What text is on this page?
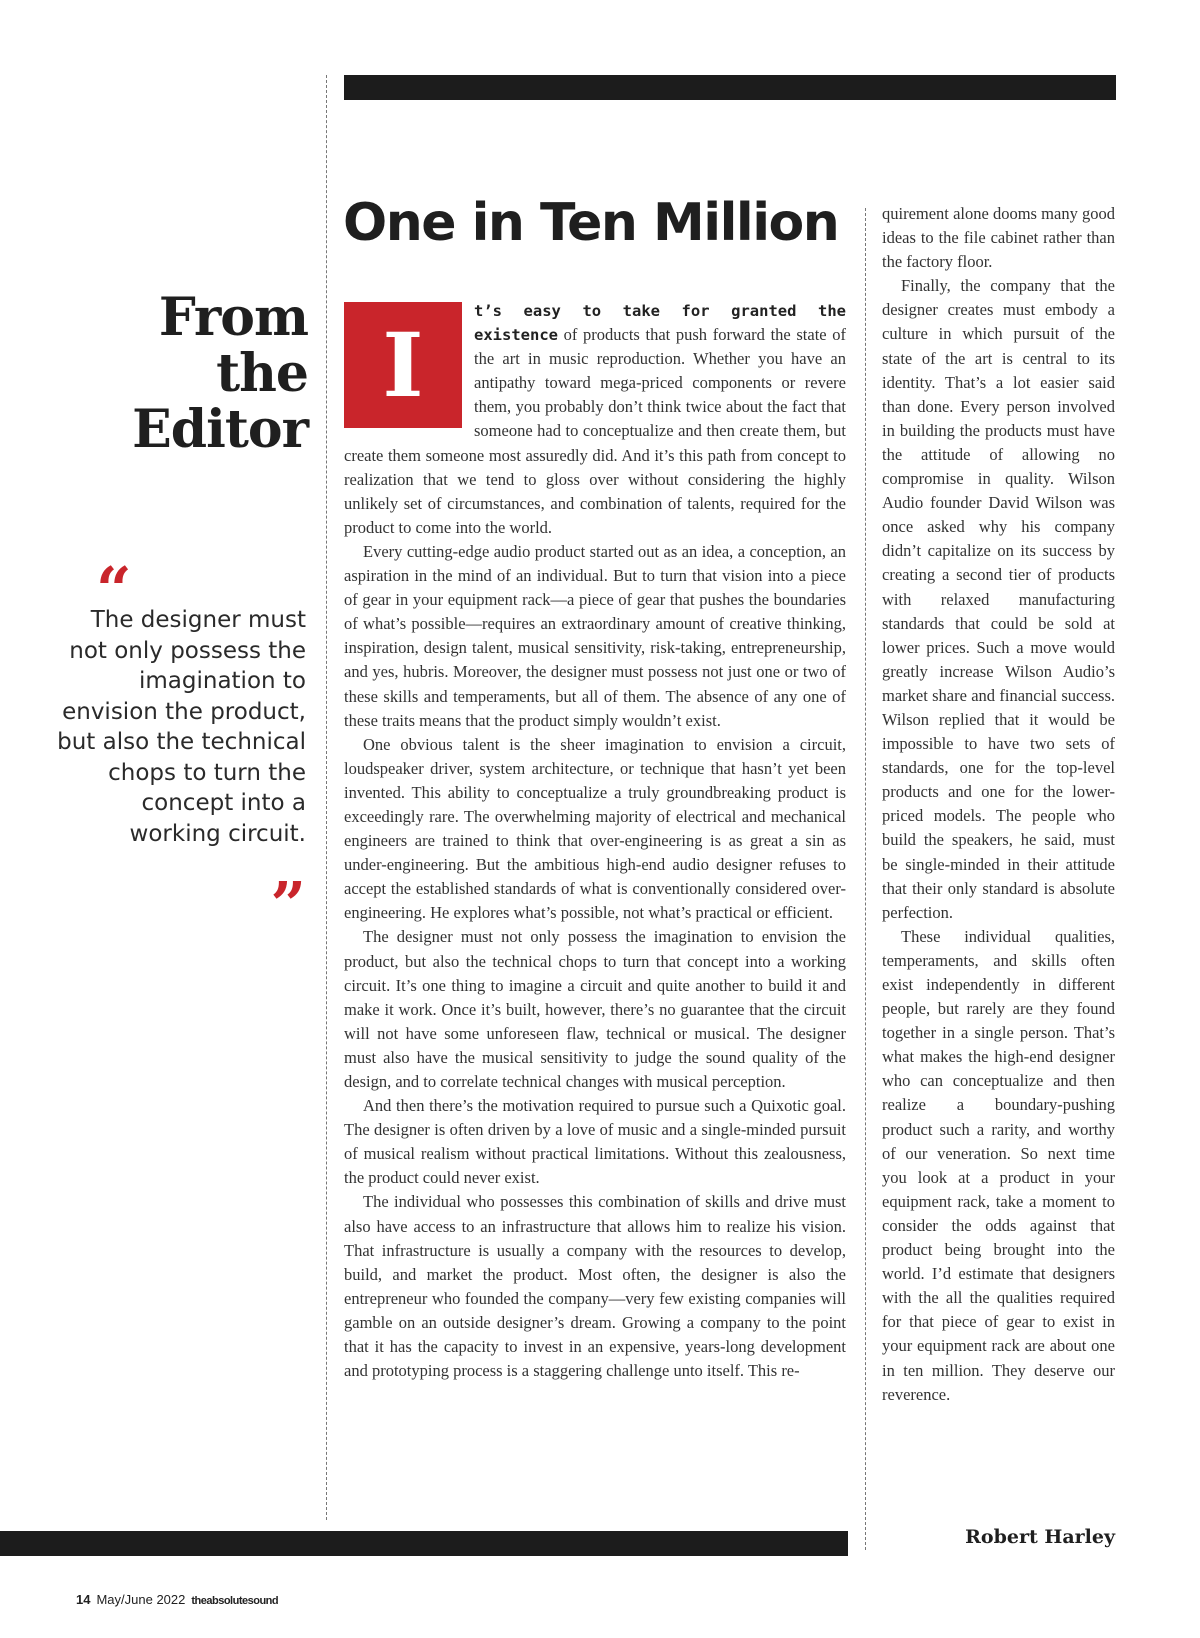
From
the
Editor
“
The designer must not only possess the imagination to envision the product, but also the technical chops to turn the concept into a working circuit.
”
One in Ten Million

I
t’s easy to take for granted the existence of products that push forward the state of the art in music reproduction. Whether you have an antipathy toward mega-priced components or revere them, you probably don’t think twice about the fact that someone had to conceptualize and then create them, but create them someone most assuredly did. And it’s this path from concept to realization that we tend to gloss over without considering the highly unlikely set of circumstances, and combination of talents, required for the product to come into the world.

Every cutting-edge audio product started out as an idea, a conception, an aspiration in the mind of an individual. But to turn that vision into a piece of gear in your equipment rack—a piece of gear that pushes the boundaries of what’s possible—requires an extraordinary amount of creative thinking, inspiration, design talent, musical sensitivity, risk-taking, entrepreneurship, and yes, hubris. Moreover, the designer must possess not just one or two of these skills and temperaments, but all of them. The absence of any one of these traits means that the product simply wouldn’t exist.

One obvious talent is the sheer imagination to envision a circuit, loudspeaker driver, system architecture, or technique that hasn’t yet been invented. This ability to conceptualize a truly groundbreaking product is exceedingly rare. The overwhelming majority of electrical and mechanical engineers are trained to think that over-engineering is as great a sin as under-engineering. But the ambitious high-end audio designer refuses to accept the established standards of what is conventionally considered over-engineering. He explores what’s possible, not what’s practical or efficient.

The designer must not only possess the imagination to envision the product, but also the technical chops to turn that concept into a working circuit. It’s one thing to imagine a circuit and quite another to build it and make it work. Once it’s built, however, there’s no guarantee that the circuit will not have some unforeseen flaw, technical or musical. The designer must also have the musical sensitivity to judge the sound quality of the design, and to correlate technical changes with musical perception.

And then there’s the motivation required to pursue such a Quixotic goal. The designer is often driven by a love of music and a single-minded pursuit of musical realism without practical limitations. Without this zealousness, the product could never exist.

The individual who possesses this combination of skills and drive must also have access to an infrastructure that allows him to realize his vision. That infrastructure is usually a company with the resources to develop, build, and market the product. Most often, the designer is also the entrepreneur who founded the company—very few existing companies will gamble on an outside designer’s dream. Growing a company to the point that it has the capacity to invest in an expensive, years-long development and prototyping process is a staggering challenge unto itself. This re-

quirement alone dooms many good ideas to the file cabinet rather than the factory floor.

Finally, the company that the designer creates must embody a culture in which pursuit of the state of the art is central to its identity. That’s a lot easier said than done. Every person involved in building the products must have the attitude of allowing no compromise in quality. Wilson Audio founder David Wilson was once asked why his company didn’t capitalize on its success by creating a second tier of products with relaxed manufacturing standards that could be sold at lower prices. Such a move would greatly increase Wilson Audio’s market share and financial success. Wilson replied that it would be impossible to have two sets of standards, one for the top-level products and one for the lower-priced models. The people who build the speakers, he said, must be single-minded in their attitude that their only standard is absolute perfection.

These individual qualities, temperaments, and skills often exist independently in different people, but rarely are they found together in a single person. That’s what makes the high-end designer who can conceptualize and then realize a boundary-pushing product such a rarity, and worthy of our veneration. So next time you look at a product in your equipment rack, take a moment to consider the odds against that product being brought into the world. I’d estimate that designers with the all the qualities required for that piece of gear to exist in your equipment rack are about one in ten million. They deserve our reverence.

Robert Harley
14 May/June 2022 theabsolutesound
